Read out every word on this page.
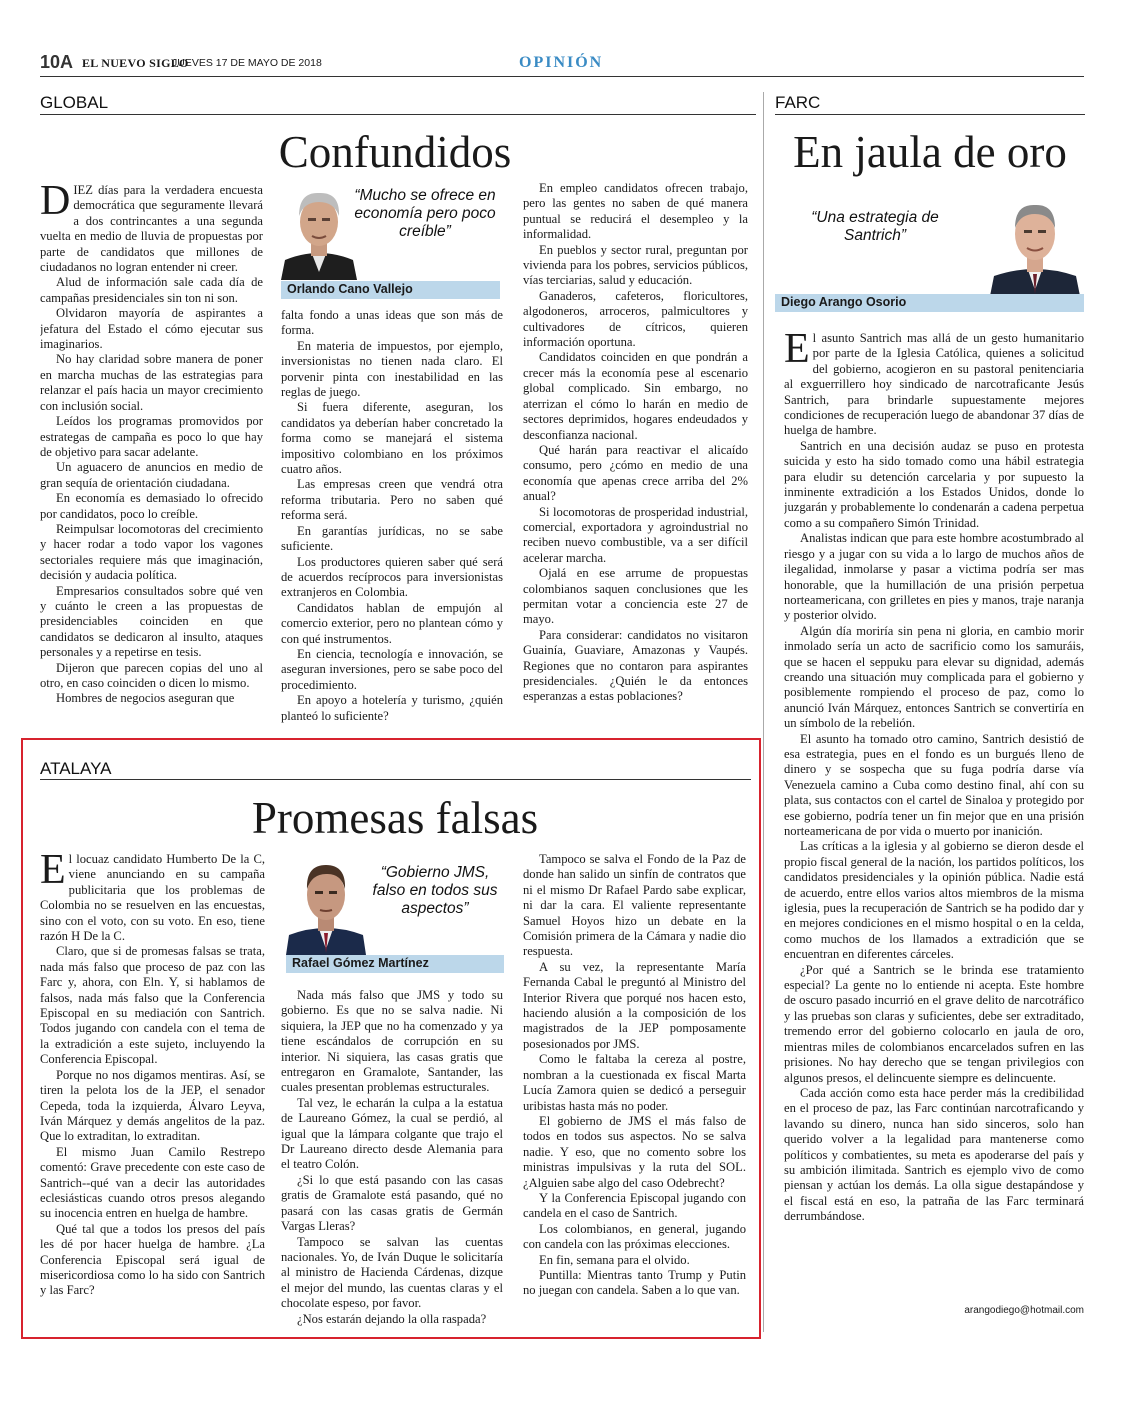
10A EL NUEVO SIGLO
JUEVES 17 DE MAYO DE 2018	OPINIÓN
GLOBAL
Confundidos

DIEZ días para la verdadera encuesta democrática que seguramente llevará a dos contrincantes a una segunda vuelta en medio de lluvia de propuestas por parte de candidatos que millones de ciudadanos no logran entender ni creer.

Alud de información sale cada día de campañas presidenciales sin ton ni son.

Olvidaron mayoría de aspirantes a jefatura del Estado el cómo ejecutar sus imaginarios.

No hay claridad sobre manera de poner en marcha muchas de las estrategias para relanzar el país hacia un mayor crecimiento con inclusión social.

Leídos los programas promovidos por estrategas de campaña es poco lo que hay de objetivo para sacar adelante.

Un aguacero de anuncios en medio de gran sequía de orientación ciudadana.

En economía es demasiado lo ofrecido por candidatos, poco lo creíble.

Reimpulsar locomotoras del crecimiento y hacer rodar a todo vapor los vagones sectoriales requiere más que imaginación, decisión y audacia política.

Empresarios consultados sobre qué ven y cuánto le creen a las propuestas de presidenciables coinciden en que candidatos se dedicaron al insulto, ataques personales y a repetirse en tesis.

Dijeron que parecen copias del uno al otro, en caso coinciden o dicen lo mismo.

Hombres de negocios aseguran que

“Mucho se ofrece en economía pero poco creíble”
Orlando Cano Vallejo

falta fondo a unas ideas que son más de forma.

En materia de impuestos, por ejemplo, inversionistas no tienen nada claro. El porvenir pinta con inestabilidad en las reglas de juego.

Si fuera diferente, aseguran, los candidatos ya deberían haber concretado la forma como se manejará el sistema impositivo colombiano en los próximos cuatro años.

Las empresas creen que vendrá otra reforma tributaria. Pero no saben qué reforma será.

En garantías jurídicas, no se sabe suficiente.

Los productores quieren saber qué será de acuerdos recíprocos para inversionistas extranjeros en Colombia.

Candidatos hablan de empujón al comercio exterior, pero no plantean cómo y con qué instrumentos.

En ciencia, tecnología e innovación, se aseguran inversiones, pero se sabe poco del procedimiento.

En apoyo a hotelería y turismo, ¿quién planteó lo suficiente?

En empleo candidatos ofrecen trabajo, pero las gentes no saben de qué manera puntual se reducirá el desempleo y la informalidad.

En pueblos y sector rural, preguntan por vivienda para los pobres, servicios públicos, vías terciarias, salud y educación.

Ganaderos, cafeteros, floricultores, algodoneros, arroceros, palmicultores y cultivadores de cítricos, quieren información oportuna.

Candidatos coinciden en que pondrán a crecer más la economía pese al escenario global complicado. Sin embargo, no aterrizan el cómo lo harán en medio de sectores deprimidos, hogares endeudados y desconfianza nacional.

Qué harán para reactivar el alicaído consumo, pero ¿cómo en medio de una economía que apenas crece arriba del 2% anual?

Si locomotoras de prosperidad industrial, comercial, exportadora y agroindustrial no reciben nuevo combustible, va a ser difícil acelerar marcha.

Ojalá en ese arrume de propuestas colombianos saquen conclusiones que les permitan votar a conciencia este 27 de mayo.

Para considerar: candidatos no visitaron Guainía, Guaviare, Amazonas y Vaupés. Regiones que no contaron para aspirantes presidenciales. ¿Quién le da entonces esperanzas a estas poblaciones?

ATALAYA
Promesas falsas

El locuaz candidato Humberto De la C, viene anunciando en su campaña publicitaria que los problemas de Colombia no se resuelven en las encuestas, sino con el voto, con su voto. En eso, tiene razón H De la C.

Claro, que si de promesas falsas se trata, nada más falso que proceso de paz con las Farc y, ahora, con Eln. Y, si hablamos de falsos, nada más falso que la Conferencia Episcopal en su mediación con Santrich. Todos jugando con candela con el tema de la extradición a este sujeto, incluyendo la Conferencia Episcopal.

Porque no nos digamos mentiras. Así, se tiren la pelota los de la JEP, el senador Cepeda, toda la izquierda, Álvaro Leyva, Iván Márquez y demás angelitos de la paz. Que lo extraditan, lo extraditan.

El mismo Juan Camilo Restrepo comentó: Grave precedente con este caso de Santrich--qué van a decir las autoridades eclesiásticas cuando otros presos alegando su inocencia entren en huelga de hambre.

Qué tal que a todos los presos del país les dé por hacer huelga de hambre. ¿La Conferencia Episcopal será igual de misericordiosa como lo ha sido con Santrich y las Farc?

“Gobierno JMS, falso en todos sus aspectos”
Rafael Gómez Martínez

Nada más falso que JMS y todo su gobierno. Es que no se salva nadie. Ni siquiera, la JEP que no ha comenzado y ya tiene escándalos de corrupción en su interior. Ni siquiera, las casas gratis que entregaron en Gramalote, Santander, las cuales presentan problemas estructurales.

Tal vez, le echarán la culpa a la estatua de Laureano Gómez, la cual se perdió, al igual que la lámpara colgante que trajo el Dr Laureano directo desde Alemania para el teatro Colón.

¿Si lo que está pasando con las casas gratis de Gramalote está pasando, qué no pasará con las casas gratis de Germán Vargas Lleras?

Tampoco se salvan las cuentas nacionales. Yo, de Iván Duque le solicitaría al ministro de Hacienda Cárdenas, dizque el mejor del mundo, las cuentas claras y el chocolate espeso, por favor.

¿Nos estarán dejando la olla raspada?

Tampoco se salva el Fondo de la Paz de donde han salido un sinfín de contratos que ni el mismo Dr Rafael Pardo sabe explicar, ni dar la cara. El valiente representante Samuel Hoyos hizo un debate en la Comisión primera de la Cámara y nadie dio respuesta.

A su vez, la representante María Fernanda Cabal le preguntó al Ministro del Interior Rivera que porqué nos hacen esto, haciendo alusión a la composición de los magistrados de la JEP pomposamente posesionados por JMS.

Como le faltaba la cereza al postre, nombran a la cuestionada ex fiscal Marta Lucía Zamora quien se dedicó a perseguir uribistas hasta más no poder.

El gobierno de JMS el más falso de todos en todos sus aspectos. No se salva nadie. Y eso, que no comento sobre los ministras impulsivas y la ruta del SOL. ¿Alguien sabe algo del caso Odebrecht?

Y la Conferencia Episcopal jugando con candela en el caso de Santrich.

Los colombianos, en general, jugando con candela con las próximas elecciones.

En fin, semana para el olvido.

Puntilla: Mientras tanto Trump y Putin no juegan con candela. Saben a lo que van.

FARC
En jaula de oro
“Una estrategia de Santrich”
Diego Arango Osorio

El asunto Santrich mas allá de un gesto humanitario por parte de la Iglesia Católica, quienes a solicitud del gobierno, acogieron en su pastoral penitenciaria al exguerrillero hoy sindicado de narcotraficante Jesús Santrich, para brindarle supuestamente mejores condiciones de recuperación luego de abandonar 37 días de huelga de hambre.

Santrich en una decisión audaz se puso en protesta suicida y esto ha sido tomado como una hábil estrategia para eludir su detención carcelaria y por supuesto la inminente extradición a los Estados Unidos, donde lo juzgarán y probablemente lo condenarán a cadena perpetua como a su compañero Simón Trinidad.

Analistas indican que para este hombre acostumbrado al riesgo y a jugar con su vida a lo largo de muchos años de ilegalidad, inmolarse y pasar a victima podría ser mas honorable, que la humillación de una prisión perpetua norteamericana, con grilletes en pies y manos, traje naranja y posterior olvido.

Algún día moriría sin pena ni gloria, en cambio morir inmolado sería un acto de sacrificio como los samuráis, que se hacen el seppuku para elevar su dignidad, además creando una situación muy complicada para el gobierno y posiblemente rompiendo el proceso de paz, como lo anunció Iván Márquez, entonces Santrich se convertiría en un símbolo de la rebelión.

El asunto ha tomado otro camino, Santrich desistió de esa estrategia, pues en el fondo es un burgués lleno de dinero y se sospecha que su fuga podría darse vía Venezuela camino a Cuba como destino final, ahí con su plata, sus contactos con el cartel de Sinaloa y protegido por ese gobierno, podría tener un fin mejor que en una prisión norteamericana de por vida o muerto por inanición.

Las críticas a la iglesia y al gobierno se dieron desde el propio fiscal general de la nación, los partidos políticos, los candidatos presidenciales y la opinión pública. Nadie está de acuerdo, entre ellos varios altos miembros de la misma iglesia, pues la recuperación de Santrich se ha podido dar y en mejores condiciones en el mismo hospital o en la celda, como muchos de los llamados a extradición que se encuentran en diferentes cárceles.

¿Por qué a Santrich se le brinda ese tratamiento especial? La gente no lo entiende ni acepta. Este hombre de oscuro pasado incurrió en el grave delito de narcotráfico y las pruebas son claras y suficientes, debe ser extraditado, tremendo error del gobierno colocarlo en jaula de oro, mientras miles de colombianos encarcelados sufren en las prisiones. No hay derecho que se tengan privilegios con algunos presos, el delincuente siempre es delincuente.

Cada acción como esta hace perder más la credibilidad en el proceso de paz, las Farc continúan narcotraficando y lavando su dinero, nunca han sido sinceros, solo han querido volver a la legalidad para mantenerse como políticos y combatientes, su meta es apoderarse del país y su ambición ilimitada. Santrich es ejemplo vivo de como piensan y actúan los demás. La olla sigue destapándose y el fiscal está en eso, la patraña de las Farc terminará derrumbándose.

arangodiego@hotmail.com
